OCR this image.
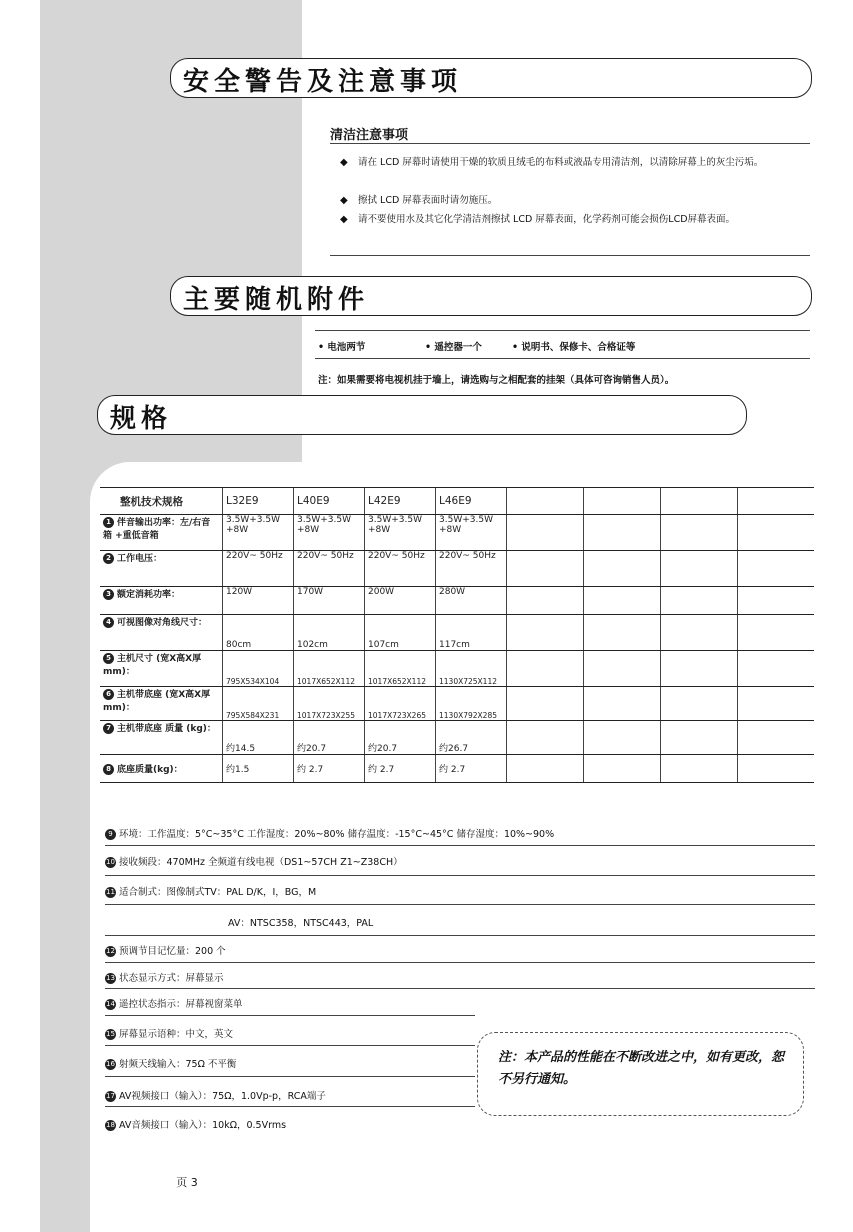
安全警告及注意事项
清洁注意事项
◆ 请在 LCD 屏幕时请使用干燥的软质且绒毛的布料或液晶专用清洁剂，以清除屏幕上的灰尘污垢。
◆ 擦拭 LCD 屏幕表面时请勿施压。
◆ 请不要使用水及其它化学清洁剂擦拭 LCD 屏幕表面，化学药剂可能会损伤LCD屏幕表面。
主要随机附件
• 电池两节	• 遥控器一个	• 说明书、保修卡、合格证等
注：如果需要将电视机挂于墙上，请选购与之相配套的挂架（具体可咨询销售人员）。
规格
整机技术规格	L32E9	L40E9	L42E9	L46E9				
1 伴音输出功率：左/右音箱 +重低音箱	3.5W+3.5W +8W	3.5W+3.5W +8W	3.5W+3.5W +8W	3.5W+3.5W +8W				
2 工作电压：	220V~ 50Hz	220V~ 50Hz	220V~ 50Hz	220V~ 50Hz				
3 额定消耗功率：	120W	170W	200W	280W				
4 可视图像对角线尺寸：	80cm	102cm	107cm	117cm				
5 主机尺寸 (宽X高X厚mm)：	795X534X104	1017X652X112	1017X652X112	1130X725X112				
6 主机带底座 (宽X高X厚mm)：	795X584X231	1017X723X255	1017X723X265	1130X792X285				
7 主机带底座 质量 (kg)：	约14.5	约20.7	约20.7	约26.7				
8 底座质量(kg)：	约1.5	约 2.7	约 2.7	约 2.7				
9 环境：工作温度：5°C~35°C 工作湿度：20%~80% 储存温度：-15°C~45°C 储存湿度：10%~90%
10 接收频段：470MHz 全频道有线电视（DS1~57CH Z1~Z38CH）
11 适合制式：图像制式TV：PAL D/K，I，BG，M
AV：NTSC358，NTSC443，PAL
12 预调节目记忆量：200 个
13 状态显示方式：屏幕显示
14 遥控状态指示：屏幕视窗菜单
15 屏幕显示语种：中文，英文
16 射频天线输入：75Ω 不平衡
17 AV视频接口（输入）：75Ω，1.0Vp-p，RCA端子
18 AV音频接口（输入）：10kΩ，0.5Vrms
注：本产品的性能在不断改进之中，如有更改，恕不另行通知。
页 3
